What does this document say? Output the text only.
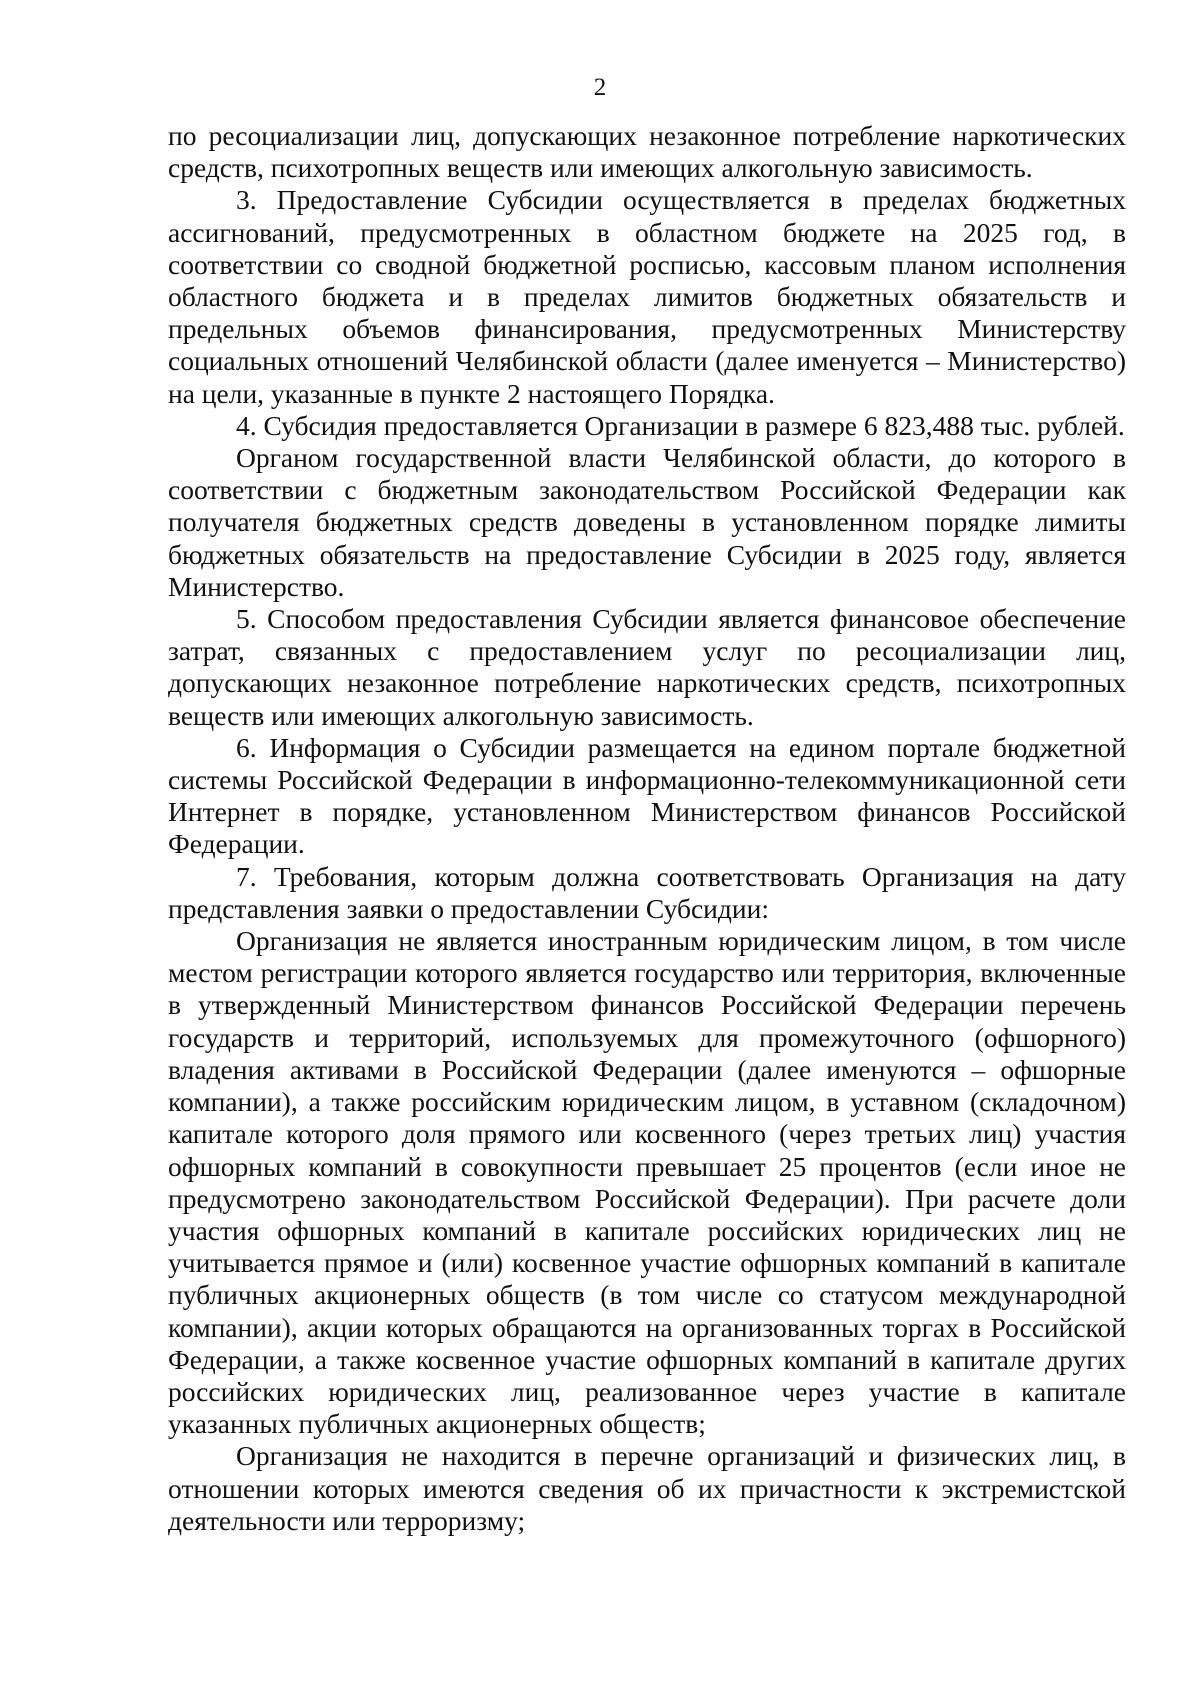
2

по ресоциализации лиц, допускающих незаконное потребление наркотических средств, психотропных веществ или имеющих алкогольную зависимость.

3. Предоставление Субсидии осуществляется в пределах бюджетных ассигнований, предусмотренных в областном бюджете на 2025 год, в соответствии со сводной бюджетной росписью, кассовым планом исполнения областного бюджета и в пределах лимитов бюджетных обязательств и предельных объемов финансирования, предусмотренных Министерству социальных отношений Челябинской области (далее именуется – Министерство) на цели, указанные в пункте 2 настоящего Порядка.

4. Субсидия предоставляется Организации в размере 6 823,488 тыс. рублей.

Органом государственной власти Челябинской области, до которого в соответствии с бюджетным законодательством Российской Федерации как получателя бюджетных средств доведены в установленном порядке лимиты бюджетных обязательств на предоставление Субсидии в 2025 году, является Министерство.

5. Способом предоставления Субсидии является финансовое обеспечение затрат, связанных с предоставлением услуг по ресоциализации лиц, допускающих незаконное потребление наркотических средств, психотропных веществ или имеющих алкогольную зависимость.

6. Информация о Субсидии размещается на едином портале бюджетной системы Российской Федерации в информационно-телекоммуникационной сети Интернет в порядке, установленном Министерством финансов Российской Федерации.

7. Требования, которым должна соответствовать Организация на дату представления заявки о предоставлении Субсидии:

Организация не является иностранным юридическим лицом, в том числе местом регистрации которого является государство или территория, включенные в утвержденный Министерством финансов Российской Федерации перечень государств и территорий, используемых для промежуточного (офшорного) владения активами в Российской Федерации (далее именуются – офшорные компании), а также российским юридическим лицом, в уставном (складочном) капитале которого доля прямого или косвенного (через третьих лиц) участия офшорных компаний в совокупности превышает 25 процентов (если иное не предусмотрено законодательством Российской Федерации). При расчете доли участия офшорных компаний в капитале российских юридических лиц не учитывается прямое и (или) косвенное участие офшорных компаний в капитале публичных акционерных обществ (в том числе со статусом международной компании), акции которых обращаются на организованных торгах в Российской Федерации, а также косвенное участие офшорных компаний в капитале других российских юридических лиц, реализованное через участие в капитале указанных публичных акционерных обществ;

Организация не находится в перечне организаций и физических лиц, в отношении которых имеются сведения об их причастности к экстремистской деятельности или терроризму;
